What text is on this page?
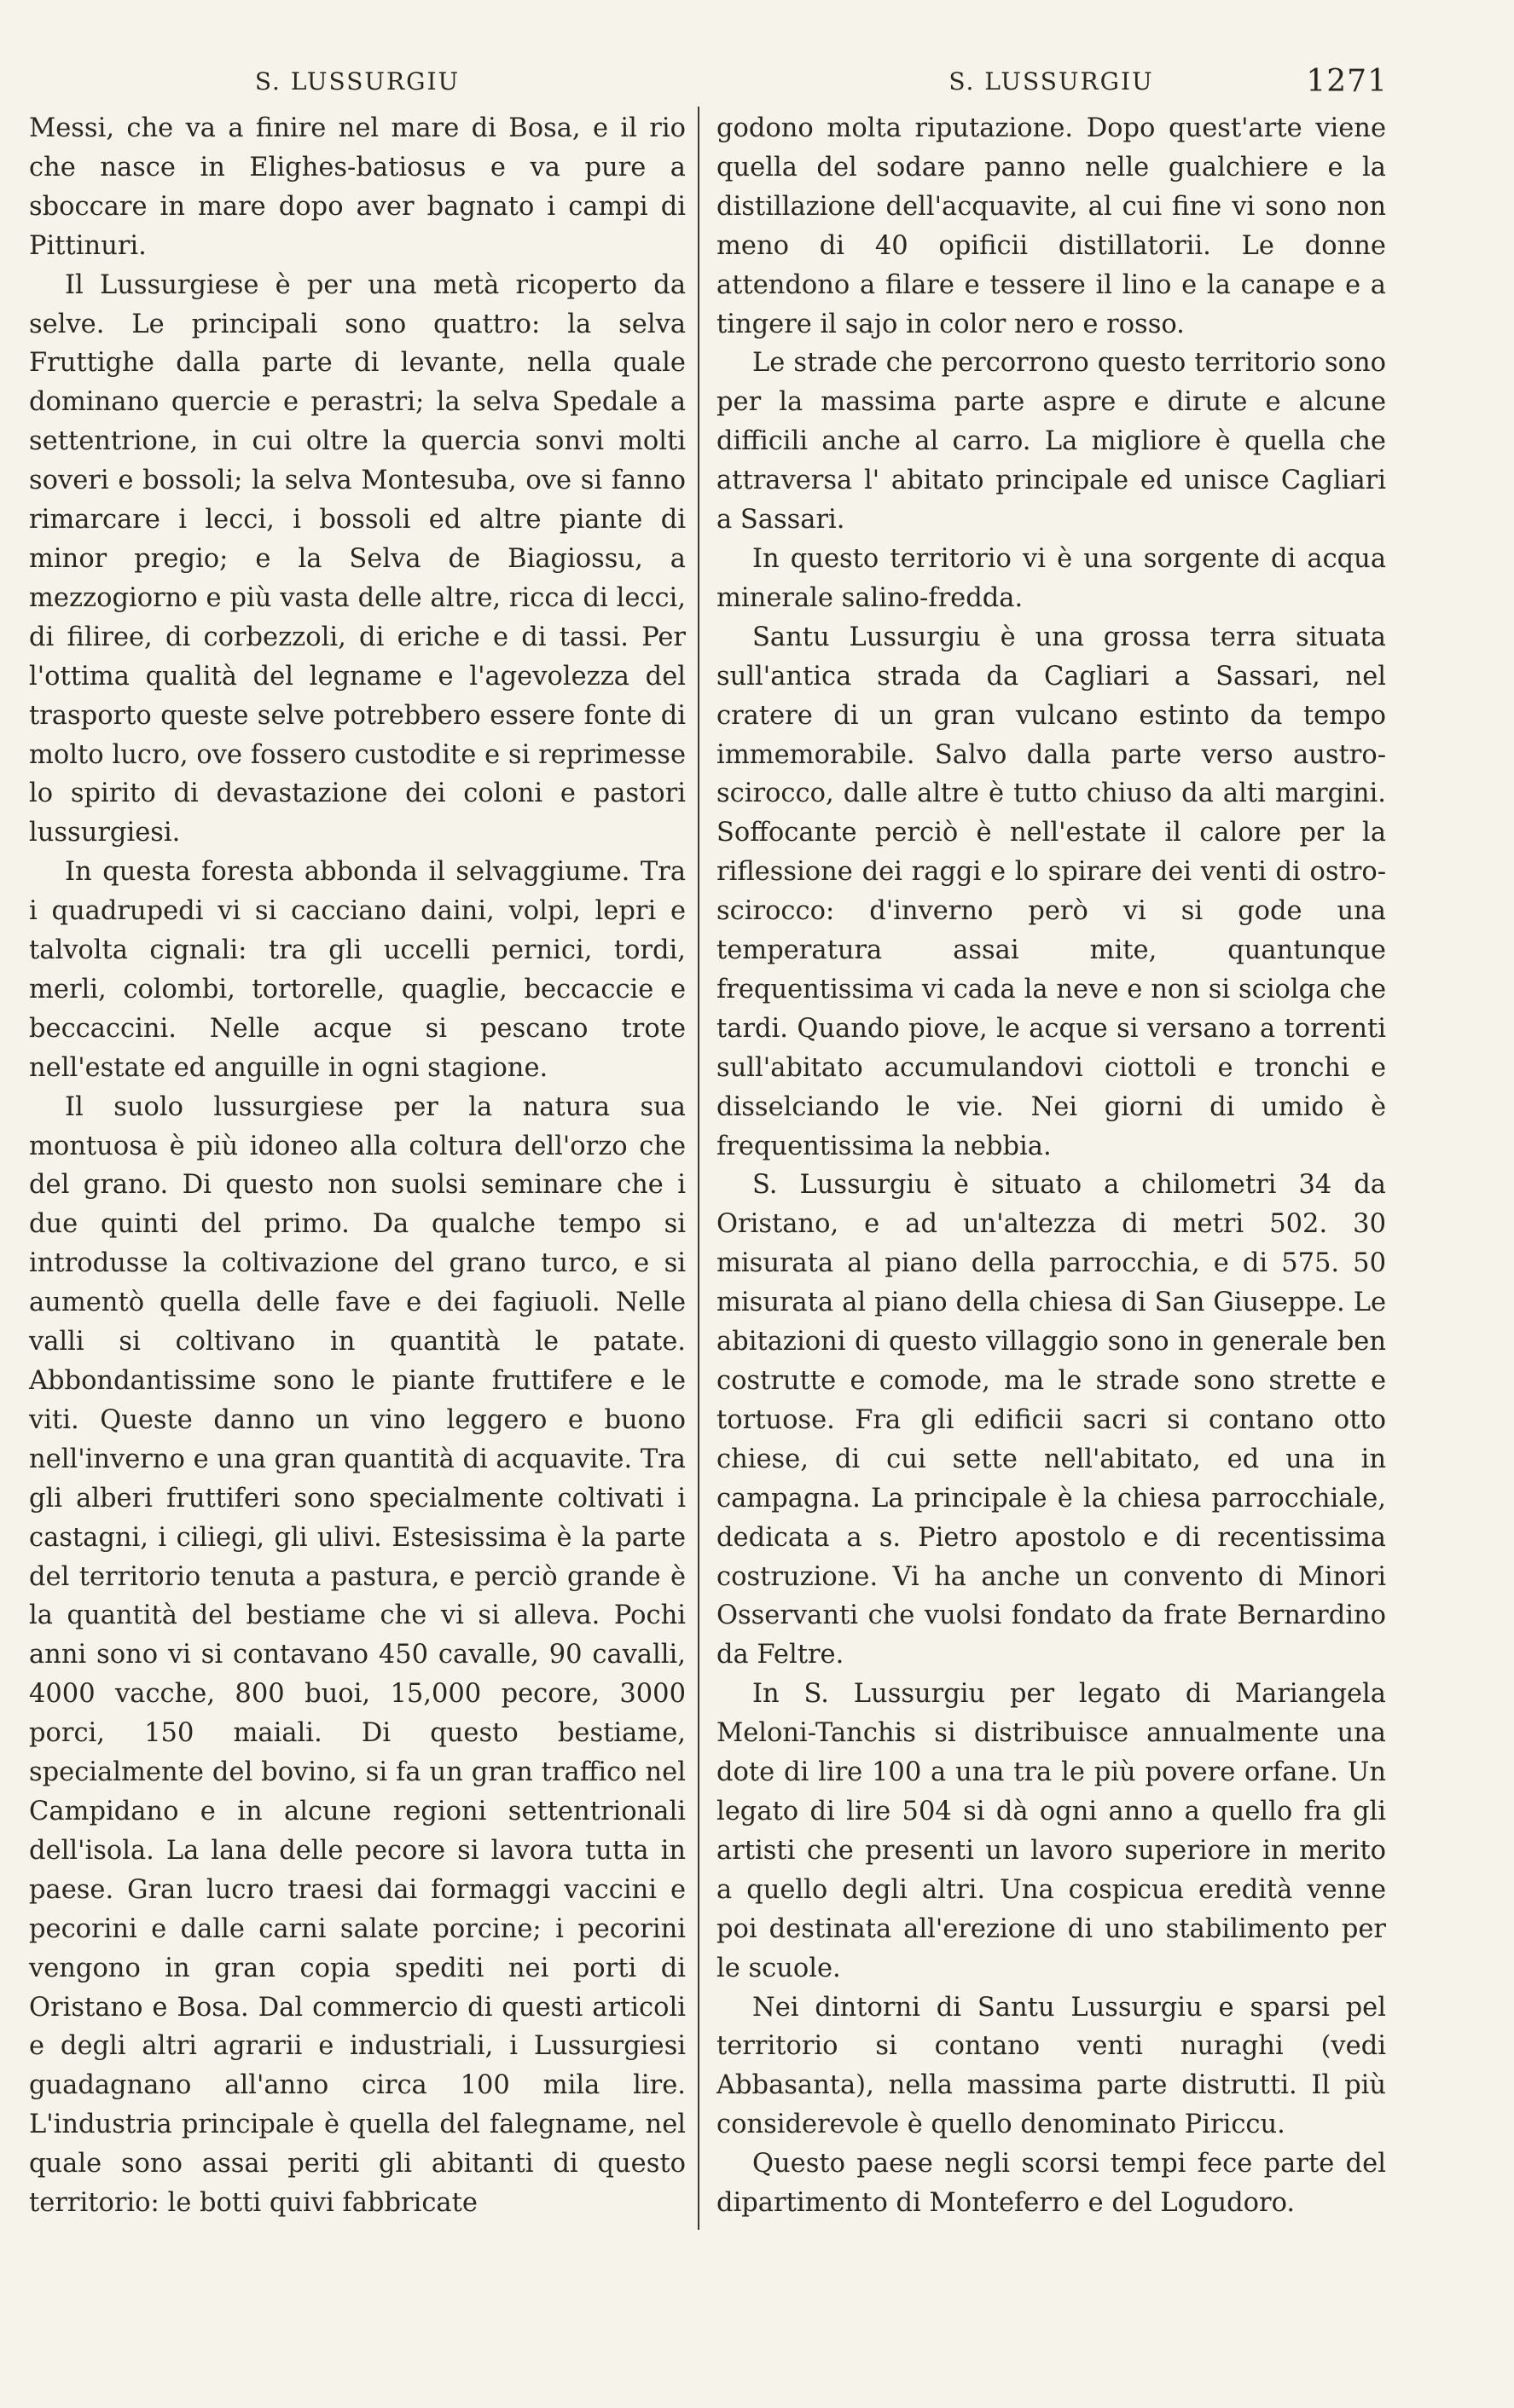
S. LUSSURGIU

Messi, che va a finire nel mare di Bosa, e il rio che nasce in Elighes-batiosus e va pure a sboccare in mare dopo aver bagnato i campi di Pittinuri.

Il Lussurgiese è per una metà ricoperto da selve. Le principali sono quattro: la selva Fruttighe dalla parte di levante, nella quale dominano quercie e perastri; la selva Spedale a settentrione, in cui oltre la quercia sonvi molti soveri e bossoli; la selva Montesuba, ove si fanno rimarcare i lecci, i bossoli ed altre piante di minor pregio; e la Selva de Biagiossu, a mezzogiorno e più vasta delle altre, ricca di lecci, di filiree, di corbezzoli, di eriche e di tassi. Per l'ottima qualità del legname e l'agevolezza del trasporto queste selve potrebbero essere fonte di molto lucro, ove fossero custodite e si reprimesse lo spirito di devastazione dei coloni e pastori lussurgiesi.

In questa foresta abbonda il selvaggiume. Tra i quadrupedi vi si cacciano daini, volpi, lepri e talvolta cignali: tra gli uccelli pernici, tordi, merli, colombi, tortorelle, quaglie, beccaccie e beccaccini. Nelle acque si pescano trote nell'estate ed anguille in ogni stagione.

Il suolo lussurgiese per la natura sua montuosa è più idoneo alla coltura dell'orzo che del grano. Di questo non suolsi seminare che i due quinti del primo. Da qualche tempo si introdusse la coltivazione del grano turco, e si aumentò quella delle fave e dei fagiuoli. Nelle valli si coltivano in quantità le patate. Abbondantissime sono le piante fruttifere e le viti. Queste danno un vino leggero e buono nell'inverno e una gran quantità di acquavite. Tra gli alberi fruttiferi sono specialmente coltivati i castagni, i ciliegi, gli ulivi. Estesissima è la parte del territorio tenuta a pastura, e perciò grande è la quantità del bestiame che vi si alleva. Pochi anni sono vi si contavano 450 cavalle, 90 cavalli, 4000 vacche, 800 buoi, 15,000 pecore, 3000 porci, 150 maiali. Di questo bestiame, specialmente del bovino, si fa un gran traffico nel Campidano e in alcune regioni settentrionali dell'isola. La lana delle pecore si lavora tutta in paese. Gran lucro traesi dai formaggi vaccini e pecorini e dalle carni salate porcine; i pecorini vengono in gran copia spediti nei porti di Oristano e Bosa. Dal commercio di questi articoli e degli altri agrarii e industriali, i Lussurgiesi guadagnano all'anno circa 100 mila lire. L'industria principale è quella del falegname, nel quale sono assai periti gli abitanti di questo territorio: le botti quivi fabbricate

S. LUSSURGIU	1271

godono molta riputazione. Dopo quest'arte viene quella del sodare panno nelle gualchiere e la distillazione dell'acquavite, al cui fine vi sono non meno di 40 opificii distillatorii. Le donne attendono a filare e tessere il lino e la canape e a tingere il sajo in color nero e rosso.

Le strade che percorrono questo territorio sono per la massima parte aspre e dirute e alcune difficili anche al carro. La migliore è quella che attraversa l' abitato principale ed unisce Cagliari a Sassari.

In questo territorio vi è una sorgente di acqua minerale salino-fredda.

Santu Lussurgiu è una grossa terra situata sull'antica strada da Cagliari a Sassari, nel cratere di un gran vulcano estinto da tempo immemorabile. Salvo dalla parte verso austro-scirocco, dalle altre è tutto chiuso da alti margini. Soffocante perciò è nell'estate il calore per la riflessione dei raggi e lo spirare dei venti di ostro-scirocco: d'inverno però vi si gode una temperatura assai mite, quantunque frequentissima vi cada la neve e non si sciolga che tardi. Quando piove, le acque si versano a torrenti sull'abitato accumulandovi ciottoli e tronchi e disselciando le vie. Nei giorni di umido è frequentissima la nebbia.

S. Lussurgiu è situato a chilometri 34 da Oristano, e ad un'altezza di metri 502. 30 misurata al piano della parrocchia, e di 575. 50 misurata al piano della chiesa di San Giuseppe. Le abitazioni di questo villaggio sono in generale ben costrutte e comode, ma le strade sono strette e tortuose. Fra gli edificii sacri si contano otto chiese, di cui sette nell'abitato, ed una in campagna. La principale è la chiesa parrocchiale, dedicata a s. Pietro apostolo e di recentissima costruzione. Vi ha anche un convento di Minori Osservanti che vuolsi fondato da frate Bernardino da Feltre.

In S. Lussurgiu per legato di Mariangela Meloni-Tanchis si distribuisce annualmente una dote di lire 100 a una tra le più povere orfane. Un legato di lire 504 si dà ogni anno a quello fra gli artisti che presenti un lavoro superiore in merito a quello degli altri. Una cospicua eredità venne poi destinata all'erezione di uno stabilimento per le scuole.

Nei dintorni di Santu Lussurgiu e sparsi pel territorio si contano venti nuraghi (vedi Abbasanta), nella massima parte distrutti. Il più considerevole è quello denominato Piriccu.

Questo paese negli scorsi tempi fece parte del dipartimento di Monteferro e del Logudoro.
